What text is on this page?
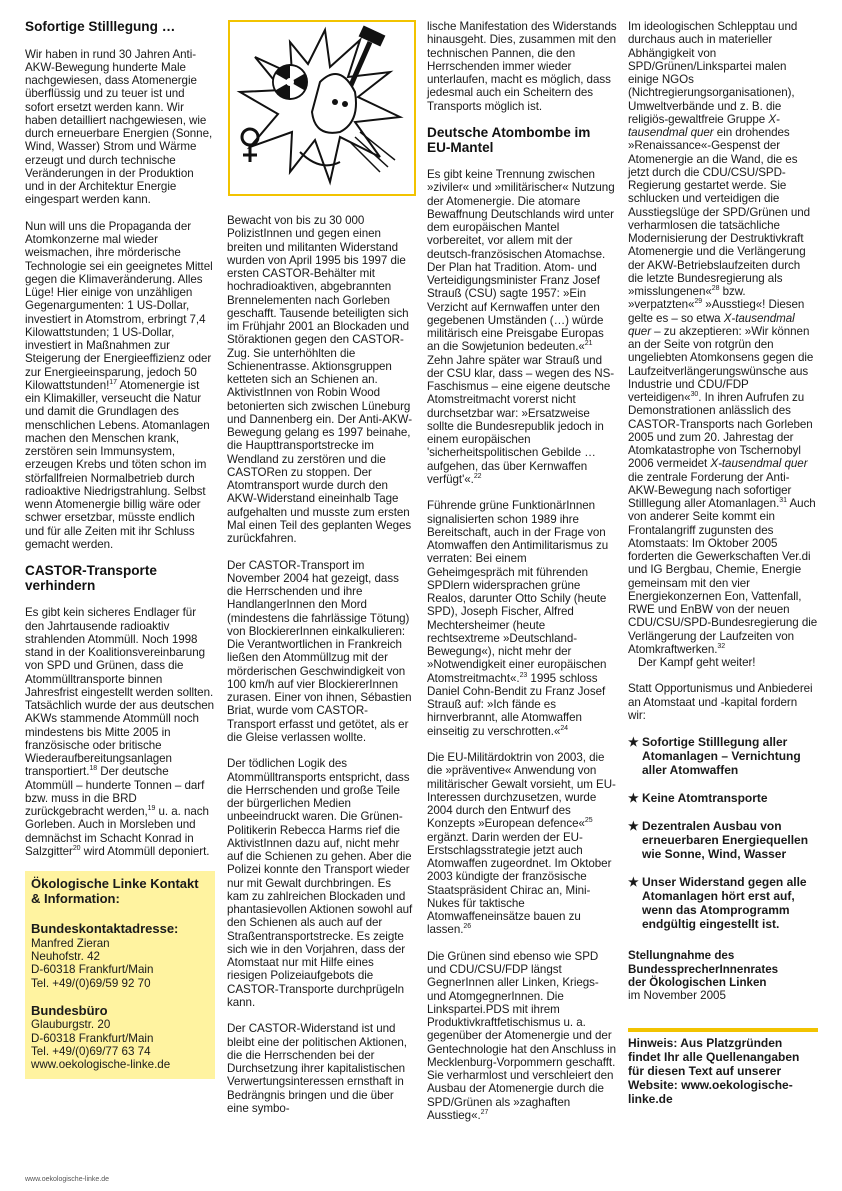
Sofortige Stilllegung …

Wir haben in rund 30 Jahren Anti-AKW-Bewegung hunderte Male nachgewiesen, dass Atomenergie überflüssig und zu teuer ist und sofort ersetzt werden kann. Wir haben detailliert nachgewiesen, wie durch erneuerbare Energien (Sonne, Wind, Wasser) Strom und Wärme erzeugt und durch technische Veränderungen in der Produktion und in der Architektur Energie eingespart werden kann.

Nun will uns die Propaganda der Atomkonzerne mal wieder weismachen, ihre mörderische Technologie sei ein geeignetes Mittel gegen die Klimaveränderung. Alles Lüge! Hier einige von unzähligen Gegenargumenten: 1 US-Dollar, investiert in Atomstrom, erbringt 7,4 Kilowattstunden; 1 US-Dollar, investiert in Maßnahmen zur Steigerung der Energieeffizienz oder zur Energieeinsparung, jedoch 50 Kilowattstunden!$^{17}$ Atomenergie ist ein Klimakiller, verseucht die Natur und damit die Grundlagen des menschlichen Lebens. Atomanlagen machen den Menschen krank, zerstören sein Immunsystem, erzeugen Krebs und töten schon im störfallfreien Normalbetrieb durch radioaktive Niedrigstrahlung. Selbst wenn Atomenergie billig wäre oder schwer ersetzbar, müsste endlich und für alle Zeiten mit ihr Schluss gemacht werden.

CASTOR-Transporte verhindern

Es gibt kein sicheres Endlager für den Jahrtausende radioaktiv strahlenden Atommüll. Noch 1998 stand in der Koalitionsvereinbarung von SPD und Grünen, dass die Atommülltransporte binnen Jahresfrist eingestellt werden sollten. Tatsächlich wurde der aus deutschen AKWs stammende Atommüll noch mindestens bis Mitte 2005 in französische oder britische Wiederaufbereitungsanlagen transportiert.$^{18}$ Der deutsche Atommüll – hunderte Tonnen – darf bzw. muss in die BRD zurückgebracht werden,$^{19}$ u. a. nach Gorleben. Auch in Morsleben und demnächst im Schacht Konrad in Salzgitter$^{20}$ wird Atommüll deponiert.

Ökologische Linke Kontakt & Information:

Bundeskontaktadresse:

Manfred Zieran

Neuhofstr. 42

D-60318 Frankfurt/Main

Tel. +49/(0)69/59 92 70

Bundesbüro

Glauburgstr. 20

D-60318 Frankfurt/Main

Tel. +49/(0)69/77 63 74

www.oekologische-linke.de

Bewacht von bis zu 30 000 PolizistInnen und gegen einen breiten und militanten Widerstand wurden von April 1995 bis 1997 die ersten CASTOR-Behälter mit hochradioaktiven, abgebrannten Brennelementen nach Gorleben geschafft. Tausende beteiligten sich im Frühjahr 2001 an Blockaden und Störaktionen gegen den CASTOR-Zug. Sie unterhöhlten die Schienentrasse. Aktionsgruppen ketteten sich an Schienen an. AktivistInnen von Robin Wood betonierten sich zwischen Lüneburg und Dannenberg ein. Der Anti-AKW-Bewegung gelang es 1997 beinahe, die Haupttransportstrecke im Wendland zu zerstören und die CASTORen zu stoppen. Der Atomtransport wurde durch den AKW-Widerstand eineinhalb Tage aufgehalten und musste zum ersten Mal einen Teil des geplanten Weges zurückfahren.

Der CASTOR-Transport im November 2004 hat gezeigt, dass die Herrschenden und ihre HandlangerInnen den Mord (mindestens die fahrlässige Tötung) von BlockiererInnen einkalkulieren: Die Verantwortlichen in Frankreich ließen den Atommüllzug mit der mörderischen Geschwindigkeit von 100 km/h auf vier BlockiererInnen zurasen. Einer von ihnen, Sébastien Briat, wurde vom CASTOR-Transport erfasst und getötet, als er die Gleise verlassen wollte.

Der tödlichen Logik des Atommülltransports entspricht, dass die Herrschenden und große Teile der bürgerlichen Medien unbeeindruckt waren. Die Grünen-Politikerin Rebecca Harms rief die AktivistInnen dazu auf, nicht mehr auf die Schienen zu gehen. Aber die Polizei konnte den Transport wieder nur mit Gewalt durchbringen. Es kam zu zahlreichen Blockaden und phantasievollen Aktionen sowohl auf den Schienen als auch auf der Straßentransportstrecke. Es zeigte sich wie in den Vorjahren, dass der Atomstaat nur mit Hilfe eines riesigen Polizeiaufgebots die CASTOR-Transporte durchprügeln kann.

Der CASTOR-Widerstand ist und bleibt eine der politischen Aktionen, die die Herrschenden bei der Durchsetzung ihrer kapitalistischen Verwertungsinteressen ernsthaft in Bedrängnis bringen und die über eine symbo-

lische Manifestation des Widerstands hinausgeht. Dies, zusammen mit den technischen Pannen, die den Herrschenden immer wieder unterlaufen, macht es möglich, dass jedesmal auch ein Scheitern des Transports möglich ist.

Deutsche Atombombe im EU-Mantel

Es gibt keine Trennung zwischen »ziviler« und »militärischer« Nutzung der Atomenergie. Die atomare Bewaffnung Deutschlands wird unter dem europäischen Mantel vorbereitet, vor allem mit der deutsch-französischen Atomachse. Der Plan hat Tradition. Atom- und Verteidigungsminister Franz Josef Strauß (CSU) sagte 1957: »Ein Verzicht auf Kernwaffen unter den gegebenen Umständen (…) würde militärisch eine Preisgabe Europas an die Sowjetunion bedeuten.«$^{21}$ Zehn Jahre später war Strauß und der CSU klar, dass – wegen des NS-Faschismus – eine eigene deutsche Atomstreitmacht vorerst nicht durchsetzbar war: »Ersatzweise sollte die Bundesrepublik jedoch in einem europäischen 'sicherheitspolitischen Gebilde … aufgehen, das über Kernwaffen verfügt'«.$^{22}$

Führende grüne FunktionärInnen signalisierten schon 1989 ihre Bereitschaft, auch in der Frage von Atomwaffen den Antimilitarismus zu verraten: Bei einem Geheimgespräch mit führenden SPDlern widersprachen grüne Realos, darunter Otto Schily (heute SPD), Joseph Fischer, Alfred Mechtersheimer (heute rechtsextreme »Deutschland-Bewegung«), nicht mehr der »Notwendigkeit einer europäischen Atomstreitmacht«.$^{23}$ 1995 schloss Daniel Cohn-Bendit zu Franz Josef Strauß auf: »Ich fände es hirnverbrannt, alle Atomwaffen einseitig zu verschrotten.«$^{24}$

Die EU-Militärdoktrin von 2003, die die »präventive« Anwendung von militärischer Gewalt vorsieht, um EU-Interessen durchzusetzen, wurde 2004 durch den Entwurf des Konzepts »European defence«$^{25}$ ergänzt. Darin werden der EU-Erstschlagsstrategie jetzt auch Atomwaffen zugeordnet. Im Oktober 2003 kündigte der französische Staatspräsident Chirac an, Mini-Nukes für taktische Atomwaffeneinsätze bauen zu lassen.$^{26}$

Die Grünen sind ebenso wie SPD und CDU/CSU/FDP längst GegnerInnen aller Linken, Kriegs- und AtomgegnerInnen. Die Linkspartei.PDS mit ihrem Produktivkraftfetischismus u. a. gegenüber der Atomenergie und der Gentechnologie hat den Anschluss in Mecklenburg-Vorpommern geschafft. Sie verharmlost und verschleiert den Ausbau der Atomenergie durch die SPD/Grünen als »zaghaften Ausstieg«.$^{27}$

Im ideologischen Schlepptau und durchaus auch in materieller Abhängigkeit von SPD/Grünen/Linkspartei malen einige NGOs (Nichtregierungsorganisationen), Umweltverbände und z. B. die religiös-gewaltfreie Gruppe X-tausendmal quer ein drohendes »Renaissance«-Gespenst der Atomenergie an die Wand, die es jetzt durch die CDU/CSU/SPD-Regierung gestartet werde. Sie schlucken und verteidigen die Ausstiegslüge der SPD/Grünen und verharmlosen die tatsächliche Modernisierung der Destruktivkraft Atomenergie und die Verlängerung der AKW-Betriebslaufzeiten durch die letzte Bundesregierung als »misslungenen«$^{28}$ bzw. »verpatzten«$^{29}$ »Ausstieg«! Diesen gelte es – so etwa X-tausendmal quer – zu akzeptieren: »Wir können an der Seite von rotgrün den ungeliebten Atomkonsens gegen die Laufzeitverlängerungswünsche aus Industrie und CDU/FDP verteidigen«$^{30}$. In ihren Aufrufen zu Demonstrationen anlässlich des CASTOR-Transports nach Gorleben 2005 und zum 20. Jahrestag der Atomkatastrophe von Tschernobyl 2006 vermeidet X-tausendmal quer die zentrale Forderung der Anti-AKW-Bewegung nach sofortiger Stilllegung aller Atomanlagen.$^{31}$ Auch von anderer Seite kommt ein Frontalangriff zugunsten des Atomstaats: Im Oktober 2005 forderten die Gewerkschaften Ver.di und IG Bergbau, Chemie, Energie gemeinsam mit den vier Energiekonzernen Eon, Vattenfall, RWE und EnBW von der neuen CDU/CSU/SPD-Bundesregierung die Verlängerung der Laufzeiten von Atomkraftwerken.$^{32}$

Der Kampf geht weiter!

Statt Opportunismus und Anbiederei an Atomstaat und -kapital fordern wir:

★ Sofortige Stilllegung aller Atomanlagen – Vernichtung aller Atomwaffen
★ Keine Atomtransporte
★ Dezentralen Ausbau von erneuerbaren Energiequellen wie Sonne, Wind, Wasser
★ Unser Widerstand gegen alle Atomanlagen hört erst auf, wenn das Atomprogramm endgültig eingestellt ist.
Stellungnahme des
BundessprecherInnenrates
der Ökologischen Linken
im November 2005
Hinweis: Aus Platzgründen findet Ihr alle Quellenangaben für diesen Text auf unserer Website: www.oekologische-linke.de
www.oekologische-linke.de
